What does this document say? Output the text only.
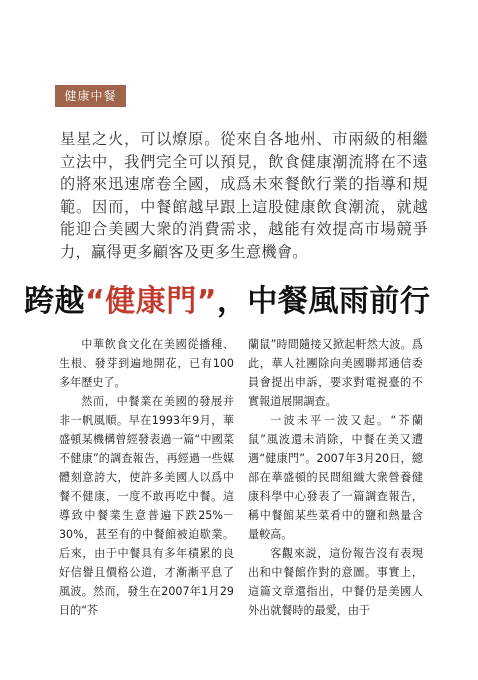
健康中餐
星星之火，可以燎原。從來自各地州、市兩級的相繼立法中，我們完全可以預見，飲食健康潮流將在不遠的將來迅速席卷全國，成爲未來餐飲行業的指導和規範。因而，中餐館越早跟上這股健康飲食潮流，就越能迎合美國大衆的消費需求，越能有效提高市場競爭力，贏得更多顧客及更多生意機會。
跨越“健康門”，中餐風雨前行

中華飲食文化在美國從播種、生根、發芽到遍地開花，已有100多年歷史了。

然而，中餐業在美國的發展并非一帆風順。早在1993年9月，華盛頓某機構曾經發表過一篇“中國菜不健康”的調查報告，再經過一些媒體刻意誇大，使許多美國人以爲中餐不健康，一度不敢再吃中餐。這導致中餐業生意普遍下跌25%－30%，甚至有的中餐館被迫歇業。后來，由于中餐具有多年積累的良好信譽且價格公道，才漸漸平息了風波。然而，發生在2007年1月29日的“芥

蘭鼠”時間隨接又掀起軒然大波。爲此，華人社團除向美國聯邦通信委員會提出申訴，要求對電視臺的不實報道展開調查。

一波未平一波又起。“芥蘭鼠”風波還未消除，中餐在美又遭遇“健康門”。2007年3月20日，總部在華盛頓的民間組織大衆營養健康科學中心發表了一篇調查報告，稱中餐館某些菜肴中的鹽和熱量含量較高。

客觀來説，這份報告沒有表現出和中餐館作對的意圖。事實上，這篇文章還指出，中餐仍是美國人外出就餐時的最愛，由于
